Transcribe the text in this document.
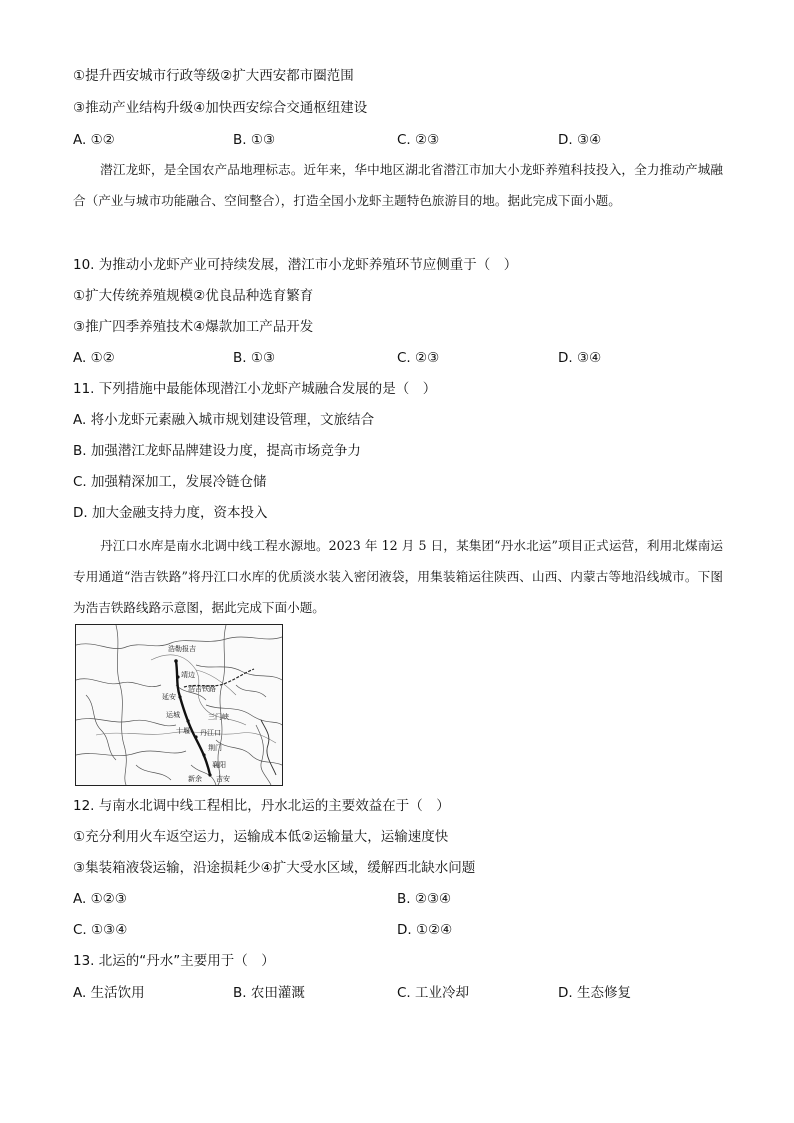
①提升西安城市行政等级②扩大西安都市圈范围
③推动产业结构升级④加快西安综合交通枢纽建设
A. ①②	B. ①③	C. ②③	D. ③④
潜江龙虾，是全国农产品地理标志。近年来，华中地区湖北省潜江市加大小龙虾养殖科技投入，全力推动产城融合（产业与城市功能融合、空间整合），打造全国小龙虾主题特色旅游目的地。据此完成下面小题。
10. 为推动小龙虾产业可持续发展，潜江市小龙虾养殖环节应侧重于（　）
①扩大传统养殖规模②优良品种选育繁育
③推广四季养殖技术④爆款加工产品开发
A. ①②	B. ①③	C. ②③	D. ③④
11. 下列措施中最能体现潜江小龙虾产城融合发展的是（　）
A. 将小龙虾元素融入城市规划建设管理，文旅结合
B. 加强潜江龙虾品牌建设力度，提高市场竞争力
C. 加强精深加工，发展冷链仓储
D. 加大金融支持力度，资本投入
丹江口水库是南水北调中线工程水源地。2023 年 12 月 5 日，某集团“丹水北运”项目正式运营，利用北煤南运专用通道“浩吉铁路”将丹江口水库的优质淡水装入密闭液袋，用集装箱运往陕西、山西、内蒙古等地沿线城市。下图为浩吉铁路线路示意图，据此完成下面小题。
浩勒报吉
靖边
延安
运城	三门峡
十堰 丹江口
荆门
襄阳
新余 吉安
浩吉铁路
12. 与南水北调中线工程相比，丹水北运的主要效益在于（　）
①充分利用火车返空运力，运输成本低②运输量大，运输速度快
③集装箱液袋运输，沿途损耗少④扩大受水区域，缓解西北缺水问题
A. ①②③	B. ②③④
C. ①③④	D. ①②④
13. 北运的“丹水”主要用于（　）
A. 生活饮用	B. 农田灌溉	C. 工业冷却	D. 生态修复
